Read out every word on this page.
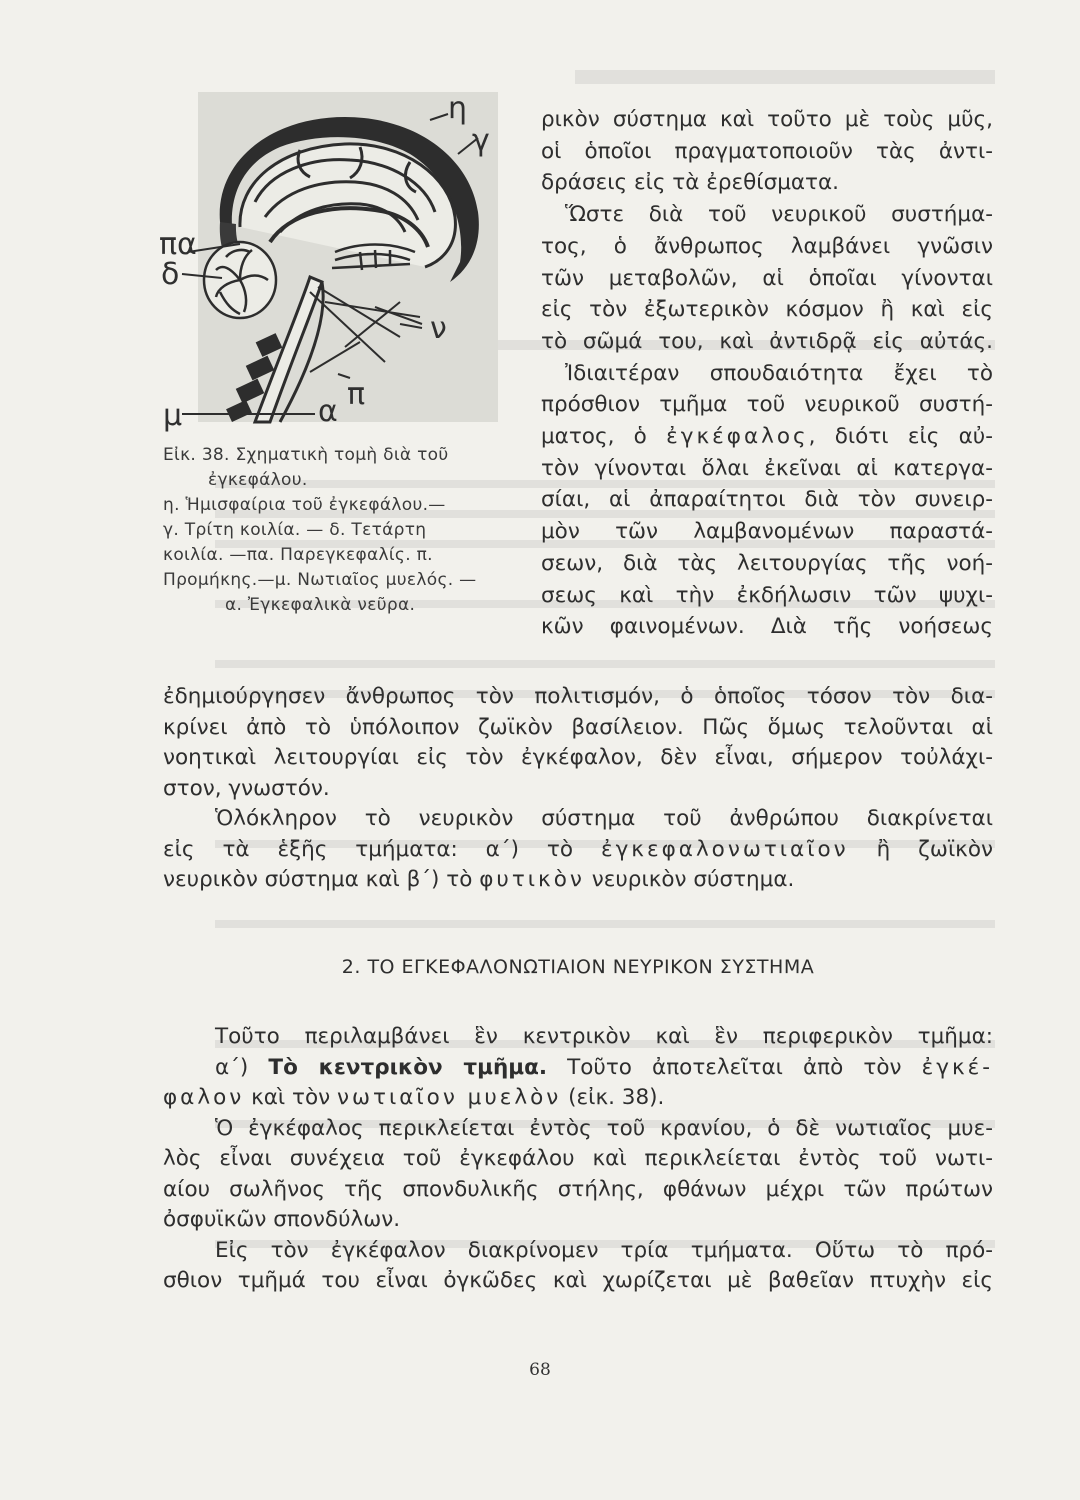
η
γ
πα
δ
ν
π
μ	α
Εἰκ. 38. Σχηματικὴ τομὴ διὰ τοῦ
ἐγκεφάλου.
η. Ἡμισφαίρια τοῦ ἐγκεφάλου.—
γ. Τρίτη κοιλία. — δ. Τετάρτη
κοιλία. —πα. Παρεγκεφαλίς. π.
Προμήκης.—μ. Νωτιαῖος μυελός. —
α. Ἐγκεφαλικὰ νεῦρα.
ρικὸν σύστημα καὶ τοῦτο μὲ τοὺς μῦς,
οἱ ὁποῖοι πραγματοποιοῦν τὰς ἀντι-
δράσεις εἰς τὰ ἐρεθίσματα.
Ὥστε διὰ τοῦ νευρικοῦ συστήμα-
τος, ὁ ἄνθρωπος λαμβάνει γνῶσιν
τῶν μεταβολῶν, αἱ ὁποῖαι γίνονται
εἰς τὸν ἐξωτερικὸν κόσμον ἢ καὶ εἰς
τὸ σῶμά του, καὶ ἀντιδρᾷ εἰς αὐτάς.
Ἰδιαιτέραν σπουδαιότητα ἔχει τὸ
πρόσθιον τμῆμα τοῦ νευρικοῦ συστή-
ματος, ὁ ἐγκέφαλος, διότι εἰς αὐ-
τὸν γίνονται ὅλαι ἐκεῖναι αἱ κατεργα-
σίαι, αἱ ἀπαραίτητοι διὰ τὸν συνειρ-
μὸν τῶν λαμβανομένων παραστά-
σεων, διὰ τὰς λειτουργίας τῆς νοή-
σεως καὶ τὴν ἐκδήλωσιν τῶν ψυχι-
κῶν φαινομένων. Διὰ τῆς νοήσεως
ἐδημιούργησεν ἄνθρωπος τὸν πολιτισμόν, ὁ ὁποῖος τόσον τὸν δια-
κρίνει ἀπὸ τὸ ὑπόλοιπον ζωϊκὸν βασίλειον. Πῶς ὅμως τελοῦνται αἱ
νοητικαὶ λειτουργίαι εἰς τὸν ἐγκέφαλον, δὲν εἶναι, σήμερον τοὐλάχι-
στον, γνωστόν.
Ὁλόκληρον τὸ νευρικὸν σύστημα τοῦ ἀνθρώπου διακρίνεται
εἰς τὰ ἑξῆς τμήματα: α΄) τὸ ἐγκεφαλονωτιαῖον ἢ ζωϊκὸν
νευρικὸν σύστημα καὶ β΄) τὸ φυτικὸν νευρικὸν σύστημα.
2. ΤΟ ΕΓΚΕΦΑΛΟΝΩΤΙΑΙΟΝ ΝΕΥΡΙΚΟΝ ΣΥΣΤΗΜΑ
Τοῦτο περιλαμβάνει ἓν κεντρικὸν καὶ ἓν περιφερικὸν τμῆμα:
α΄) Τὸ κεντρικὸν τμῆμα. Τοῦτο ἀποτελεῖται ἀπὸ τὸν ἐγκέ-
φαλον καὶ τὸν νωτιαῖον μυελὸν (εἰκ. 38).
Ὁ ἐγκέφαλος περικλείεται ἐντὸς τοῦ κρανίου, ὁ δὲ νωτιαῖος μυε-
λὸς εἶναι συνέχεια τοῦ ἐγκεφάλου καὶ περικλείεται ἐντὸς τοῦ νωτι-
αίου σωλῆνος τῆς σπονδυλικῆς στήλης, φθάνων μέχρι τῶν πρώτων
ὀσφυϊκῶν σπονδύλων.
Εἰς τὸν ἐγκέφαλον διακρίνομεν τρία τμήματα. Οὕτω τὸ πρό-
σθιον τμῆμά του εἶναι ὀγκῶδες καὶ χωρίζεται μὲ βαθεῖαν πτυχὴν εἰς
68
